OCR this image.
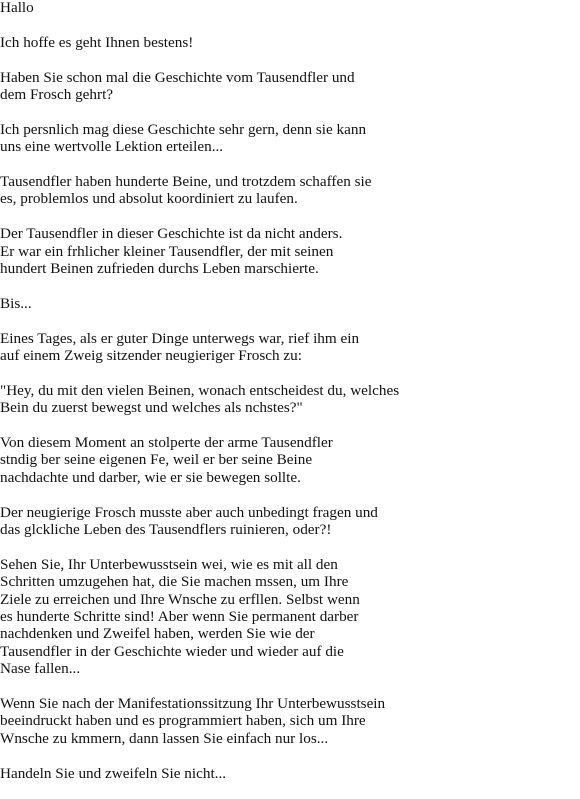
Hallo

Ich hoffe es geht Ihnen bestens!

Haben Sie schon mal die Geschichte vom Tausendfler und
dem Frosch gehrt?

Ich persnlich mag diese Geschichte sehr gern, denn sie kann
uns eine wertvolle Lektion erteilen...

Tausendfler haben hunderte Beine, und trotzdem schaffen sie
es, problemlos und absolut koordiniert zu laufen.

Der Tausendfler in dieser Geschichte ist da nicht anders.
Er war ein frhlicher kleiner Tausendfler, der mit seinen
hundert Beinen zufrieden durchs Leben marschierte.

Bis...

Eines Tages, als er guter Dinge unterwegs war, rief ihm ein
auf einem Zweig sitzender neugieriger Frosch zu:

"Hey, du mit den vielen Beinen, wonach entscheidest du, welches
Bein du zuerst bewegst und welches als nchstes?"

Von diesem Moment an stolperte der arme Tausendfler
stndig ber seine eigenen Fe, weil er ber seine Beine
nachdachte und darber, wie er sie bewegen sollte.

Der neugierige Frosch musste aber auch unbedingt fragen und
das glckliche Leben des Tausendflers ruinieren, oder?!

Sehen Sie, Ihr Unterbewusstsein wei, wie es mit all den
Schritten umzugehen hat, die Sie machen mssen, um Ihre
Ziele zu erreichen und Ihre Wnsche zu erfllen. Selbst wenn
es hunderte Schritte sind! Aber wenn Sie permanent darber
nachdenken und Zweifel haben, werden Sie wie der
Tausendfler in der Geschichte wieder und wieder auf die
Nase fallen...

Wenn Sie nach der Manifestationssitzung Ihr Unterbewusstsein
beeindruckt haben und es programmiert haben, sich um Ihre
Wnsche zu kmmern, dann lassen Sie einfach nur los...

Handeln Sie und zweifeln Sie nicht...
